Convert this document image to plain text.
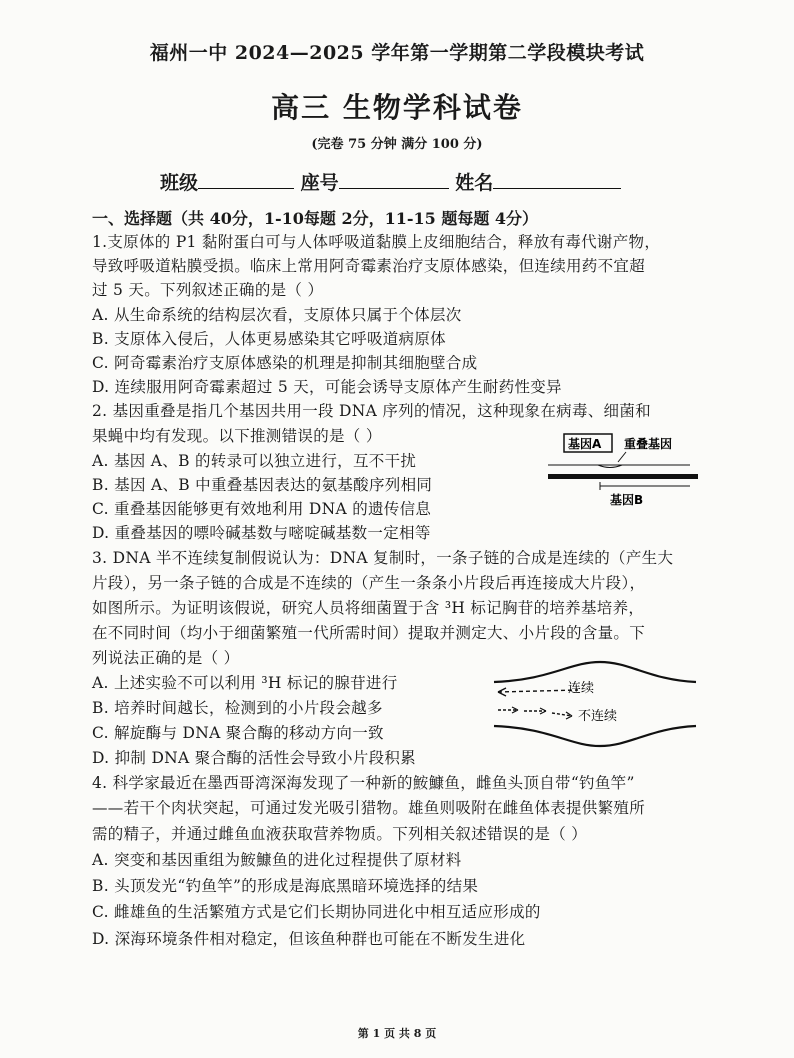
福州一中 2024—2025 学年第一学期第二学段模块考试
高三 生物学科试卷
(完卷 75 分钟 满分 100 分)
班级	座号	姓名
一、选择题（共 40分，1-10每题 2分，11-15 题每题 4分）
1.支原体的 P1 黏附蛋白可与人体呼吸道黏膜上皮细胞结合，释放有毒代谢产物，
导致呼吸道粘膜受损。临床上常用阿奇霉素治疗支原体感染，但连续用药不宜超
过 5 天。下列叙述正确的是（ ）
A. 从生命系统的结构层次看，支原体只属于个体层次
B. 支原体入侵后，人体更易感染其它呼吸道病原体
C. 阿奇霉素治疗支原体感染的机理是抑制其细胞壁合成
D. 连续服用阿奇霉素超过 5 天，可能会诱导支原体产生耐药性变异
2. 基因重叠是指几个基因共用一段 DNA 序列的情况，这种现象在病毒、细菌和
果蝇中均有发现。以下推测错误的是（ ）
A. 基因 A、B 的转录可以独立进行，互不干扰
B. 基因 A、B 中重叠基因表达的氨基酸序列相同
C. 重叠基因能够更有效地利用 DNA 的遗传信息
D. 重叠基因的嘌呤碱基数与嘧啶碱基数一定相等
基因A 重叠基因
基因B
3. DNA 半不连续复制假说认为：DNA 复制时，一条子链的合成是连续的（产生大
片段），另一条子链的合成是不连续的（产生一条条小片段后再连接成大片段），
如图所示。为证明该假说，研究人员将细菌置于含 ³H 标记胸苷的培养基培养，
在不同时间（均小于细菌繁殖一代所需时间）提取并测定大、小片段的含量。下
列说法正确的是（ ）
A. 上述实验不可以利用 ³H 标记的腺苷进行
B. 培养时间越长，检测到的小片段会越多
C. 解旋酶与 DNA 聚合酶的移动方向一致
D. 抑制 DNA 聚合酶的活性会导致小片段积累
连续
不连续
4. 科学家最近在墨西哥湾深海发现了一种新的鮟鱇鱼，雌鱼头顶自带“钓鱼竿”
——若干个肉状突起，可通过发光吸引猎物。雄鱼则吸附在雌鱼体表提供繁殖所
需的精子，并通过雌鱼血液获取营养物质。下列相关叙述错误的是（ ）
A. 突变和基因重组为鮟鱇鱼的进化过程提供了原材料
B. 头顶发光“钓鱼竿”的形成是海底黑暗环境选择的结果
C. 雌雄鱼的生活繁殖方式是它们长期协同进化中相互适应形成的
D. 深海环境条件相对稳定，但该鱼种群也可能在不断发生进化
第 1 页 共 8 页
